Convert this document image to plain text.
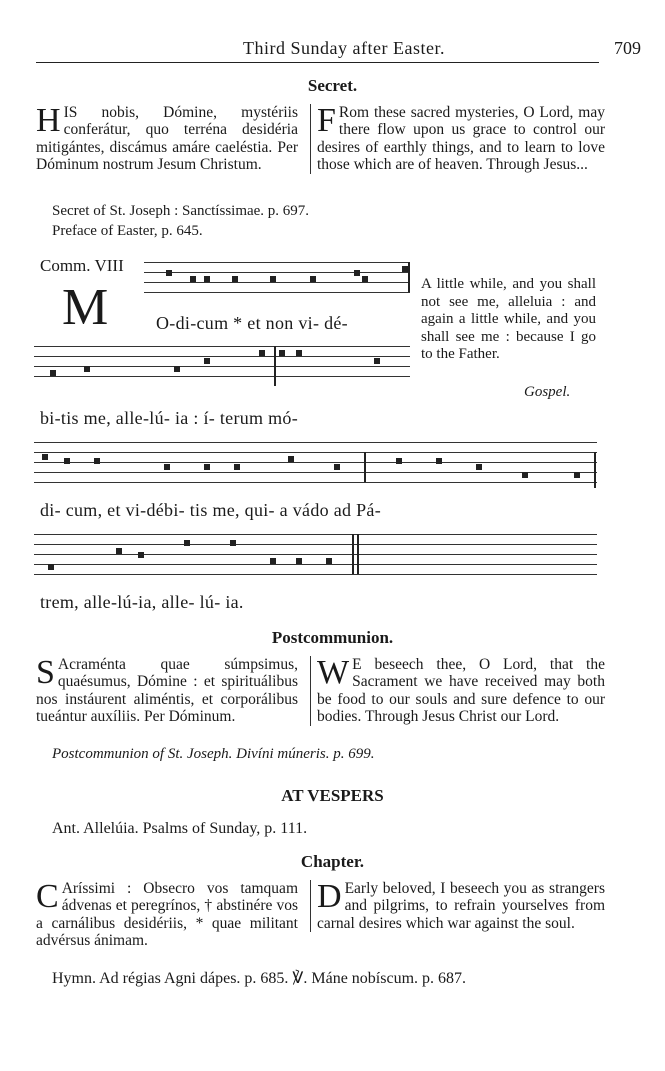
Third Sunday after Easter.	709
Secret.
HIS nobis, Dómine, mystériis conferátur, quo terréna desidéria mitigántes, discámus amáre caeléstia. Per Dóminum nostrum Jesum Christum.
F Rom these sacred mysteries, O Lord, may there flow upon us grace to control our desires of earthly things, and to learn to love those which are of heaven. Through Jesus...
Secret of St. Joseph : Sanctíssimae. p. 697.
Preface of Easter, p. 645.
Comm. VIII
M	O-di-cum * et non vi- dé-
A little while, and you shall not see me, alleluia : and again a little while, and you shall see me : because I go to the Father.
Gospel.
bi-tis me, alle-lú- ia : í- terum mó-
di- cum, et vi-débi- tis me, qui- a vádo ad Pá-
trem, alle-lú-ia, alle- lú- ia.
Postcommunion.
S Acraménta quae súmpsimus, quaésumus, Dómine : et spirituálibus nos instáurent aliméntis, et corporálibus tueántur auxíliis. Per Dóminum.
W E beseech thee, O Lord, that the Sacrament we have received may both be food to our souls and sure defence to our bodies. Through Jesus Christ our Lord.
Postcommunion of St. Joseph. Divíni múneris. p. 699.
AT VESPERS
Ant. Allelúia. Psalms of Sunday, p. 111.
Chapter.
C Aríssimi : Obsecro vos tamquam ádvenas et peregrínos, † abstinére vos a carnálibus desidériis, * quae militant advérsus ánimam.
D Early beloved, I beseech you as strangers and pilgrims, to refrain yourselves from carnal desires which war against the soul.
Hymn. Ad régias Agni dápes. p. 685. ℣. Máne nobíscum. p. 687.
